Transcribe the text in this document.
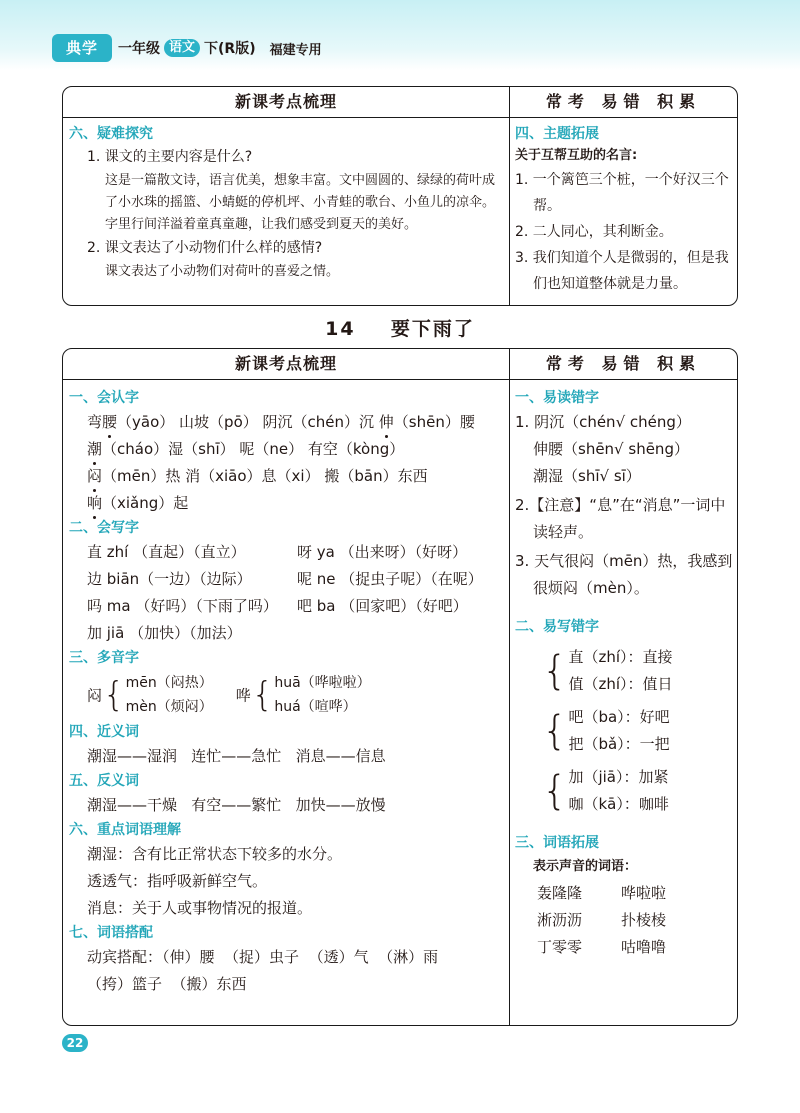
典学	一年级 语文 下(R版) 福建专用
新课考点梳理	常考 易错 积累
六、疑难探究
1. 课文的主要内容是什么?
这是一篇散文诗，语言优美，想象丰富。文中圆圆的、绿绿的荷叶成了小水珠的摇篮、小蜻蜓的停机坪、小青蛙的歌台、小鱼儿的凉伞。字里行间洋溢着童真童趣，让我们感受到夏天的美好。
2. 课文表达了小动物们什么样的感情?
课文表达了小动物们对荷叶的喜爱之情。
四、主题拓展
关于互帮互助的名言:
1. 一个篱笆三个桩，一个好汉三个帮。
2. 二人同心，其利断金。
3. 我们知道个人是微弱的，但是我们也知道整体就是力量。
14 要下雨了
新课考点梳理	常考 易错 积累
一、会认字
弯腰（yāo） 山坡（pō） 阴沉（chén）沉 伸（shēn）腰
潮（cháo）湿（shī） 呢（ne） 有空（kòng）
闷（mēn）热 消（xiāo）息（xi） 搬（bān）东西
响（xiǎng）起
二、会写字
直 zhí （直起）（直立）	呀 ya （出来呀）（好呀）
边 biān（一边）（边际）	呢 ne （捉虫子呢）（在呢）
吗 ma （好吗）（下雨了吗）	吧 ba （回家吧）（好吧）
加 jiā （加快）（加法）
三、多音字
闷{ mēn（闷热）
mèn（烦闷）
哗{ huā（哗啦啦）
huá（喧哗）
四、近义词
潮湿——湿润   连忙——急忙   消息——信息
五、反义词
潮湿——干燥   有空——繁忙   加快——放慢
六、重点词语理解
潮湿：含有比正常状态下较多的水分。
透透气：指呼吸新鲜空气。
消息：关于人或事物情况的报道。
七、词语搭配
动宾搭配：（伸）腰  （捉）虫子  （透）气  （淋）雨
（挎）篮子  （搬）东西
一、易读错字
1. 阴沉（chén√ chéng）
伸腰（shēn√ shēng）
潮湿（shī√ sī）
2.【注意】“息”在“消息”一词中读轻声。
3. 天气很闷（mēn）热，我感到很烦闷（mèn）。
二、易写错字
{ 直（zhí）：直接
值（zhí）：值日
{ 吧（ba）：好吧
把（bǎ）：一把
{ 加（jiā）：加紧
咖（kā）：咖啡
三、词语拓展
表示声音的词语：
轰隆隆	哗啦啦
淅沥沥	扑棱棱
丁零零	咕噜噜
22
